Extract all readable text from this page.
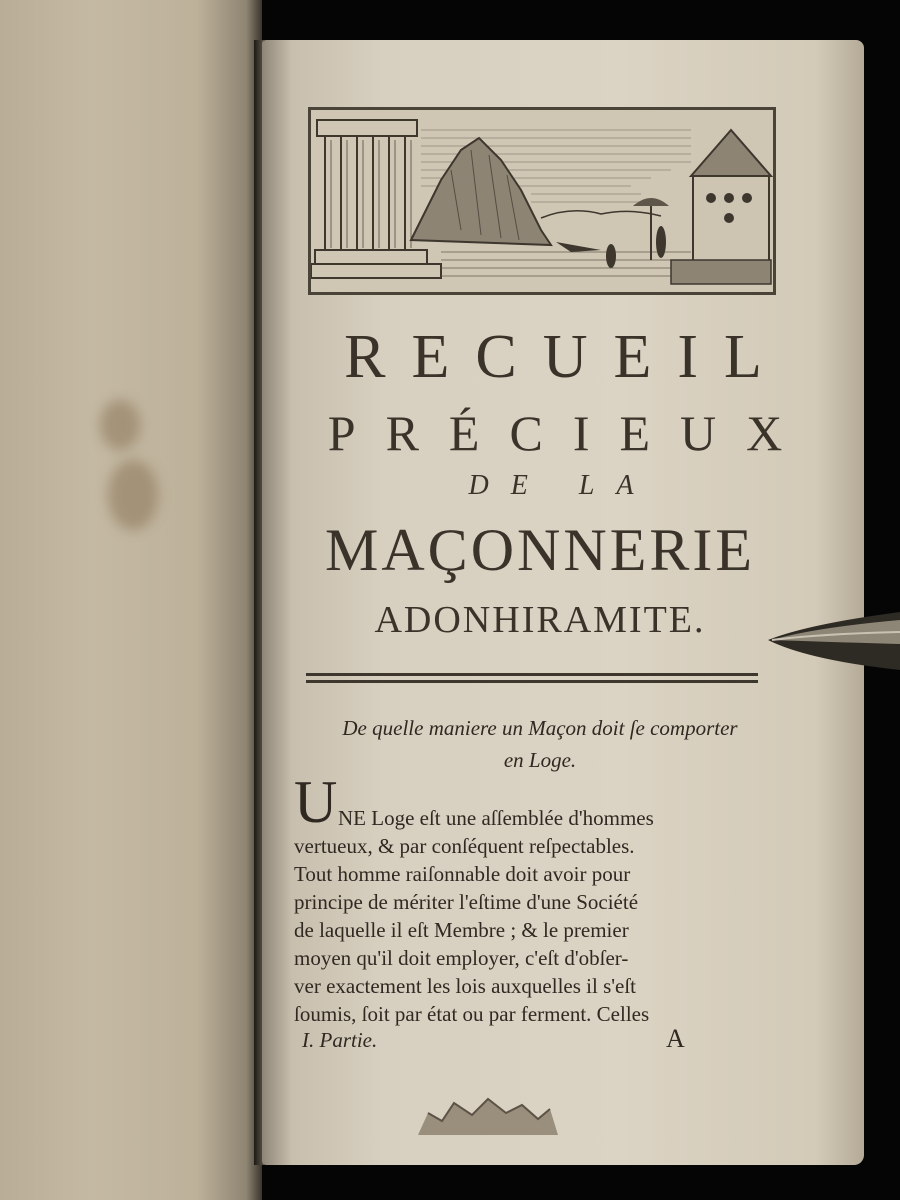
RECUEIL
PRÉCIEUX
DE LA
MAÇONNERIE
ADONHIRAMITE.
De quelle maniere un Maçon doit ſe comporter
en Loge.
U NE Loge eſt une aſſemblée d'hommes
vertueux, & par conſéquent reſpectables.
Tout homme raiſonnable doit avoir pour
principe de mériter l'eſtime d'une Société
de laquelle il eſt Membre ; & le premier
moyen qu'il doit employer, c'eſt d'obſer-
ver exactement les lois auxquelles il s'eſt
ſoumis, ſoit par état ou par ferment. Celles
I. Partie.	A
